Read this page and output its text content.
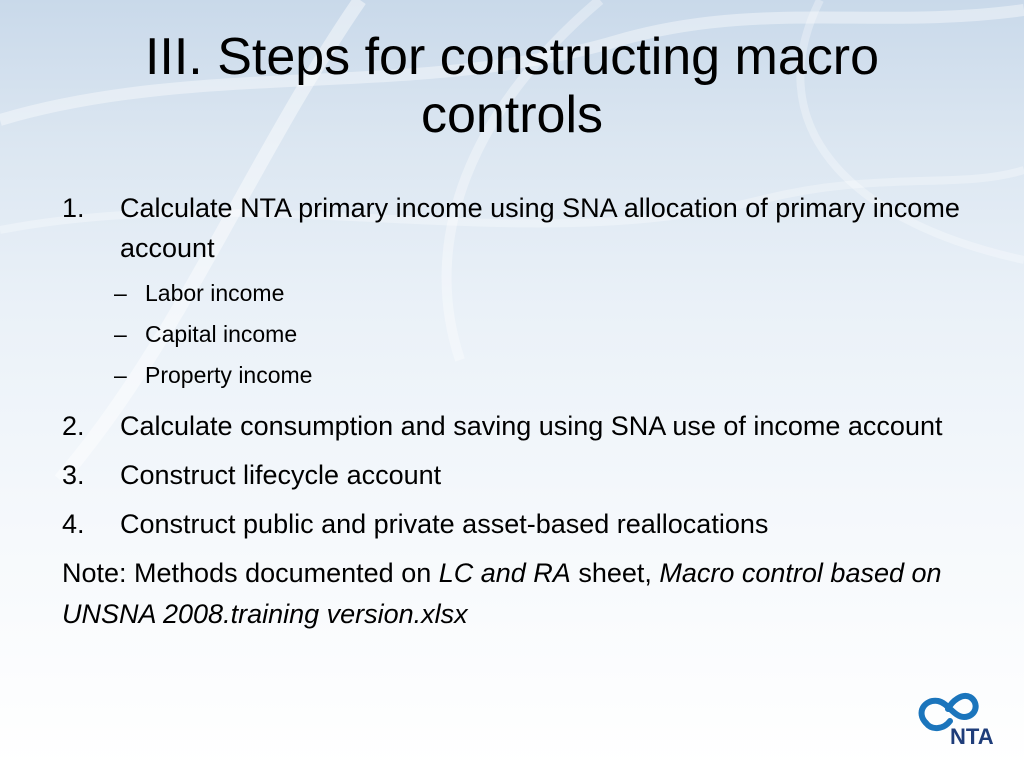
III. Steps for constructing macro controls
1.	Calculate NTA primary income using SNA allocation of primary income account
– Labor income
– Capital income
– Property income
2.	Calculate consumption and saving using SNA use of income account
3.	Construct lifecycle account
4.	Construct public and private asset-based reallocations
Note: Methods documented on LC and RA sheet, Macro control based on UNSNA 2008.training version.xlsx
NTA
